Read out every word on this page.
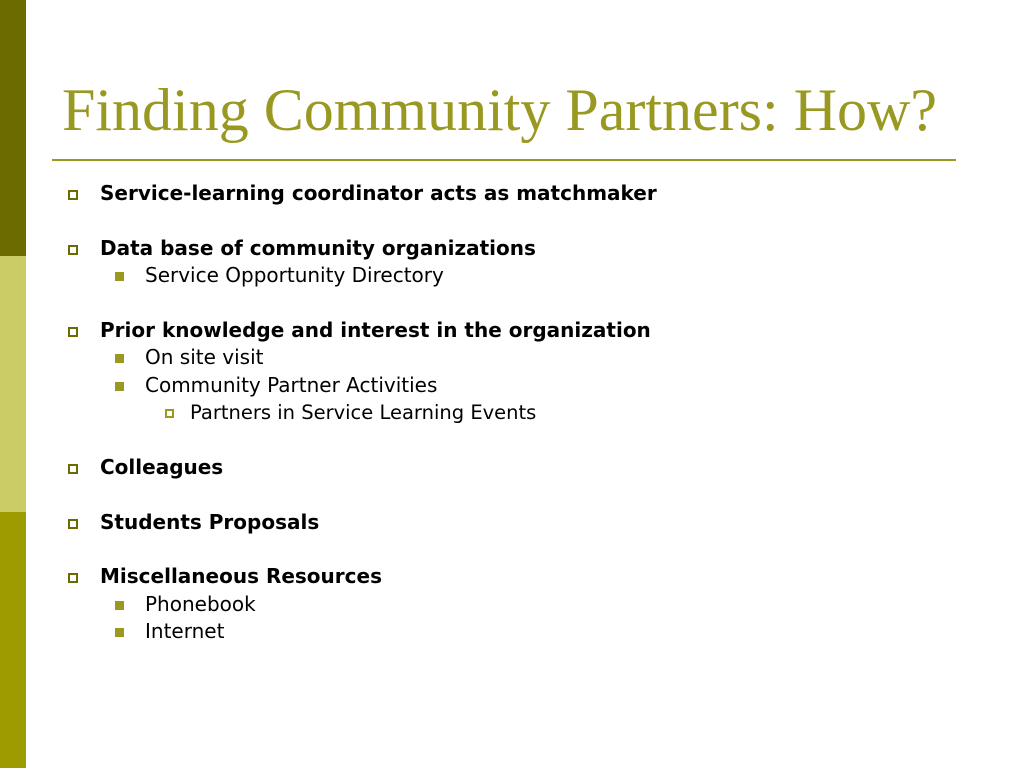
Finding Community Partners: How?
Service-learning coordinator acts as matchmaker
Data base of community organizations
Service Opportunity Directory
Prior knowledge and interest in the organization
On site visit
Community Partner Activities
Partners in Service Learning Events
Colleagues
Students Proposals
Miscellaneous Resources
Phonebook
Internet
